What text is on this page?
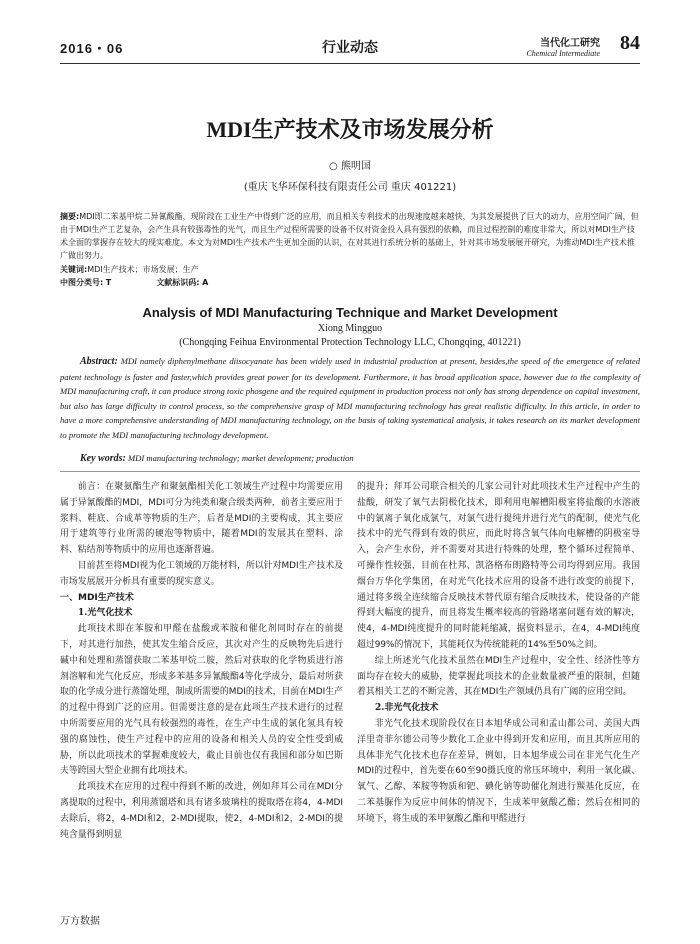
2016・06	行业动态	当代化工研究
Chemical Intermediate 84
MDI生产技术及市场发展分析
○ 熊明国
(重庆飞华环保科技有限责任公司 重庆 401221)
摘要:MDI即二苯基甲烷二异氰酸酯，现阶段在工业生产中得到广泛的应用，而且相关专利技术的出现速度越来越快，为其发展提供了巨大的动力，应用空间广阔，但由于MDI生产工艺复杂，会产生具有较强毒性的光气，而且生产过程所需要的设备不仅对资金投入具有强烈的依赖，而且过程控制的难度非常大，所以对MDI生产技术全面的掌握存在较大的现实难度。本文为对MDI生产技术产生更加全面的认识，在对其进行系统分析的基础上，针对其市场发展展开研究，为推动MDI生产技术推广做出努力。
关键词:MDI生产技术；市场发展；生产
中图分类号: T	文献标识码: A
Analysis of MDI Manufacturing Technique and Market Development
Xiong Mingguo
(Chongqing Feihua Environmental Protection Technology LLC, Chongqing, 401221)
Abstract: MDI namely diphenylmethane diisocyanate has been widely used in industrial production at present, besides,the speed of the emergence of related patent technology is faster and faster,which provides great power for its development. Furthermore, it has broad application space, however due to the complexity of MDI manufacturing craft, it can produce strong toxic phosgene and the required equipment in production process not only has strong dependence on capital investment, but also has large difficulty in control process, so the comprehensive grasp of MDI manufacturing technology has great realistic difficulty. In this article, in order to have a more comprehensive understanding of MDI manufacturing technology, on the basis of taking systematical analysis, it takes research on its market development to promote the MDI manufacturing technology development.
Key words: MDI manufacturing technology; market development; production

前言：在聚氨酯生产和聚氨酯相关化工领域生产过程中均需要应用属于异氰酸酯的MDI，MDI可分为纯类和聚合级类两种，前者主要应用于浆料、鞋底、合成革等物质的生产，后者是MDI的主要构成，其主要应用于建筑等行业所需的硬泡等物质中，随着MDI的发展其在塑料、涂料、粘结剂等物质中的应用也逐渐普遍。

目前甚至将MDI视为化工领域的万能材料，所以针对MDI生产技术及市场发展展开分析具有重要的现实意义。

一、MDI生产技术
1.光气化技术

此项技术即在苯胺和甲醛在盐酸或苯胺和催化剂同时存在的前提下，对其进行加热，使其发生缩合反应，其次对产生的反映物先后进行碱中和处理和蒸馏获取二苯基甲烷二胺，然后对获取的化学物质进行溶剂溶解和光气化反应，形成多苯基多异氰酸酯4等化学成分，最后对所获取的化学成分进行蒸馏处理，制成所需要的MDI的技术，目前在MDI生产的过程中得到广泛的应用。但需要注意的是在此项生产技术进行的过程中所需要应用的光气具有较强烈的毒性，在生产中生成的氯化氢具有较强的腐蚀性，使生产过程中的应用的设备和相关人员的安全性受到威胁，所以此项技术的掌握难度较大，截止目前也仅有我国和部分如巴斯夫等跨国大型企业拥有此项技术。

此项技术在应用的过程中得到不断的改进，例如拜耳公司在MDI分离提取的过程中，利用蒸馏塔和具有诸多玻璃柱的提取塔在将4，4-MDI去除后，将2，4-MDI和2，2-MDI提取，使2，4-MDI和2，2-MDI的提纯含量得到明显

的提升；拜耳公司联合相关的几家公司针对此项技术生产过程中产生的盐酸，研发了氧气去阴极化技术，即利用电解槽阳极室将盐酸的水溶液中的氯离子氧化成氯气，对氯气进行提纯并进行光气的配制，使光气化技术中的光气得到有效的供应，而此时将含氧气体向电解槽的阴极室导入，会产生水份，并不需要对其进行特殊的处理，整个循环过程简单、可操作性较强，目前在杜邦、凯洛格布朗路特等公司均得到应用。我国烟台万华化学集团，在对光气化技术应用的设备不进行改变的前提下，通过将多级全连续缩合反映技术替代原有缩合反映技术，使设备的产能得到大幅度的提升，而且将发生概率较高的管路堵塞问题有效的解决，使4，4-MDI纯度提升的同时能耗缩减，据资料显示，在4，4-MDI纯度超过99%的情况下，其能耗仅为传统能耗的14%至50%之间。

综上所述光气化技术虽然在MDI生产过程中，安全性、经济性等方面均存在较大的威胁，使掌握此项技术的企业数量被严重的限制，但随着其相关工艺的不断完善，其在MDI生产领域仍具有广阔的应用空间。

2.非光气化技术

非光气化技术现阶段仅在日本旭华成公司和孟山都公司、美国大西洋里奇菲尔德公司等少数化工企业中得到开发和应用，而且其所应用的具体非光气化技术也存在差异，例如，日本旭华成公司在非光气化生产MDI的过程中，首先要在60至90摄氏度的常压环境中，利用一氧化碳、氧气、乙醇、苯胺等物质和钯、碘化钠等助催化剂进行羰基化反应，在二苯基脲作为反应中间体的情况下，生成苯甲氨酸乙酯；然后在相同的环境下，将生成的苯甲氨酸乙酯和甲醛进行

万方数据
